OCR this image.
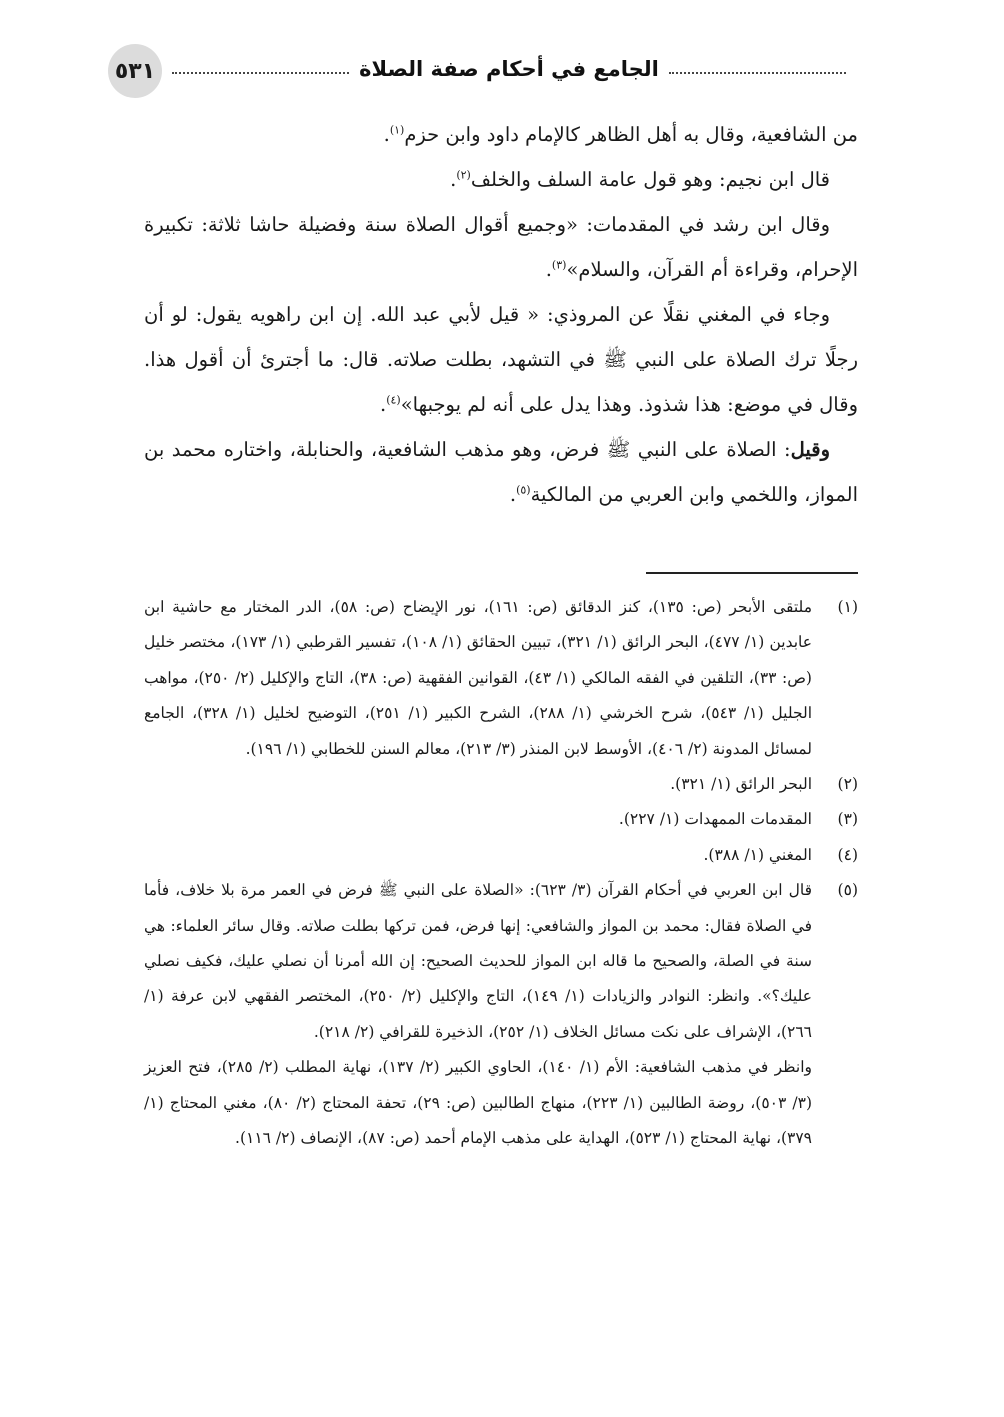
٥٣١	الجامع في أحكام صفة الصلاة

من الشافعية، وقال به أهل الظاهر كالإمام داود وابن حزم$^{(١)}$.

قال ابن نجيم: وهو قول عامة السلف والخلف$^{(٢)}$.

وقال ابن رشد في المقدمات: «وجميع أقوال الصلاة سنة وفضيلة حاشا ثلاثة: تكبيرة الإحرام، وقراءة أم القرآن، والسلام»$^{(٣)}$.

وجاء في المغني نقلًا عن المروذي: « قيل لأبي عبد الله. إن ابن راهويه يقول: لو أن رجلًا ترك الصلاة على النبي ﷺ في التشهد، بطلت صلاته. قال: ما أجترئ أن أقول هذا. وقال في موضع: هذا شذوذ. وهذا يدل على أنه لم يوجبها»$^{(٤)}$.

وقيل: الصلاة على النبي ﷺ فرض، وهو مذهب الشافعية، والحنابلة، واختاره محمد بن المواز، واللخمي وابن العربي من المالكية$^{(٥)}$.

(١)
ملتقى الأبحر (ص: ١٣٥)، كنز الدقائق (ص: ١٦١)، نور الإيضاح (ص: ٥٨)، الدر المختار مع حاشية ابن عابدين (١/ ٤٧٧)، البحر الرائق (١/ ٣٢١)، تبيين الحقائق (١/ ١٠٨)، تفسير القرطبي (١/ ١٧٣)، مختصر خليل (ص: ٣٣)، التلقين في الفقه المالكي (١/ ٤٣)، القوانين الفقهية (ص: ٣٨)، التاج والإكليل (٢/ ٢٥٠)، مواهب الجليل (١/ ٥٤٣)، شرح الخرشي (١/ ٢٨٨)، الشرح الكبير (١/ ٢٥١)، التوضيح لخليل (١/ ٣٢٨)، الجامع لمسائل المدونة (٢/ ٤٠٦)، الأوسط لابن المنذر (٣/ ٢١٣)، معالم السنن للخطابي (١/ ١٩٦).
(٢)
البحر الرائق (١/ ٣٢١).
(٣)
المقدمات الممهدات (١/ ٢٢٧).
(٤)
المغني (١/ ٣٨٨).
(٥)
قال ابن العربي في أحكام القرآن (٣/ ٦٢٣): «الصلاة على النبي ﷺ فرض في العمر مرة بلا خلاف، فأما في الصلاة فقال: محمد بن المواز والشافعي: إنها فرض، فمن تركها بطلت صلاته. وقال سائر العلماء: هي سنة في الصلة، والصحيح ما قاله ابن المواز للحديث الصحيح: إن الله أمرنا أن نصلي عليك، فكيف نصلي عليك؟». وانظر: النوادر والزيادات (١/ ١٤٩)، التاج والإكليل (٢/ ٢٥٠)، المختصر الفقهي لابن عرفة (١/ ٢٦٦)، الإشراف على نكت مسائل الخلاف (١/ ٢٥٢)، الذخيرة للقرافي (٢/ ٢١٨).
وانظر في مذهب الشافعية: الأم (١/ ١٤٠)، الحاوي الكبير (٢/ ١٣٧)، نهاية المطلب (٢/ ٢٨٥)، فتح العزيز (٣/ ٥٠٣)، روضة الطالبين (١/ ٢٢٣)، منهاج الطالبين (ص: ٢٩)، تحفة المحتاج (٢/ ٨٠)، مغني المحتاج (١/ ٣٧٩)، نهاية المحتاج (١/ ٥٢٣)، الهداية على مذهب الإمام أحمد (ص: ٨٧)، الإنصاف (٢/ ١١٦).
